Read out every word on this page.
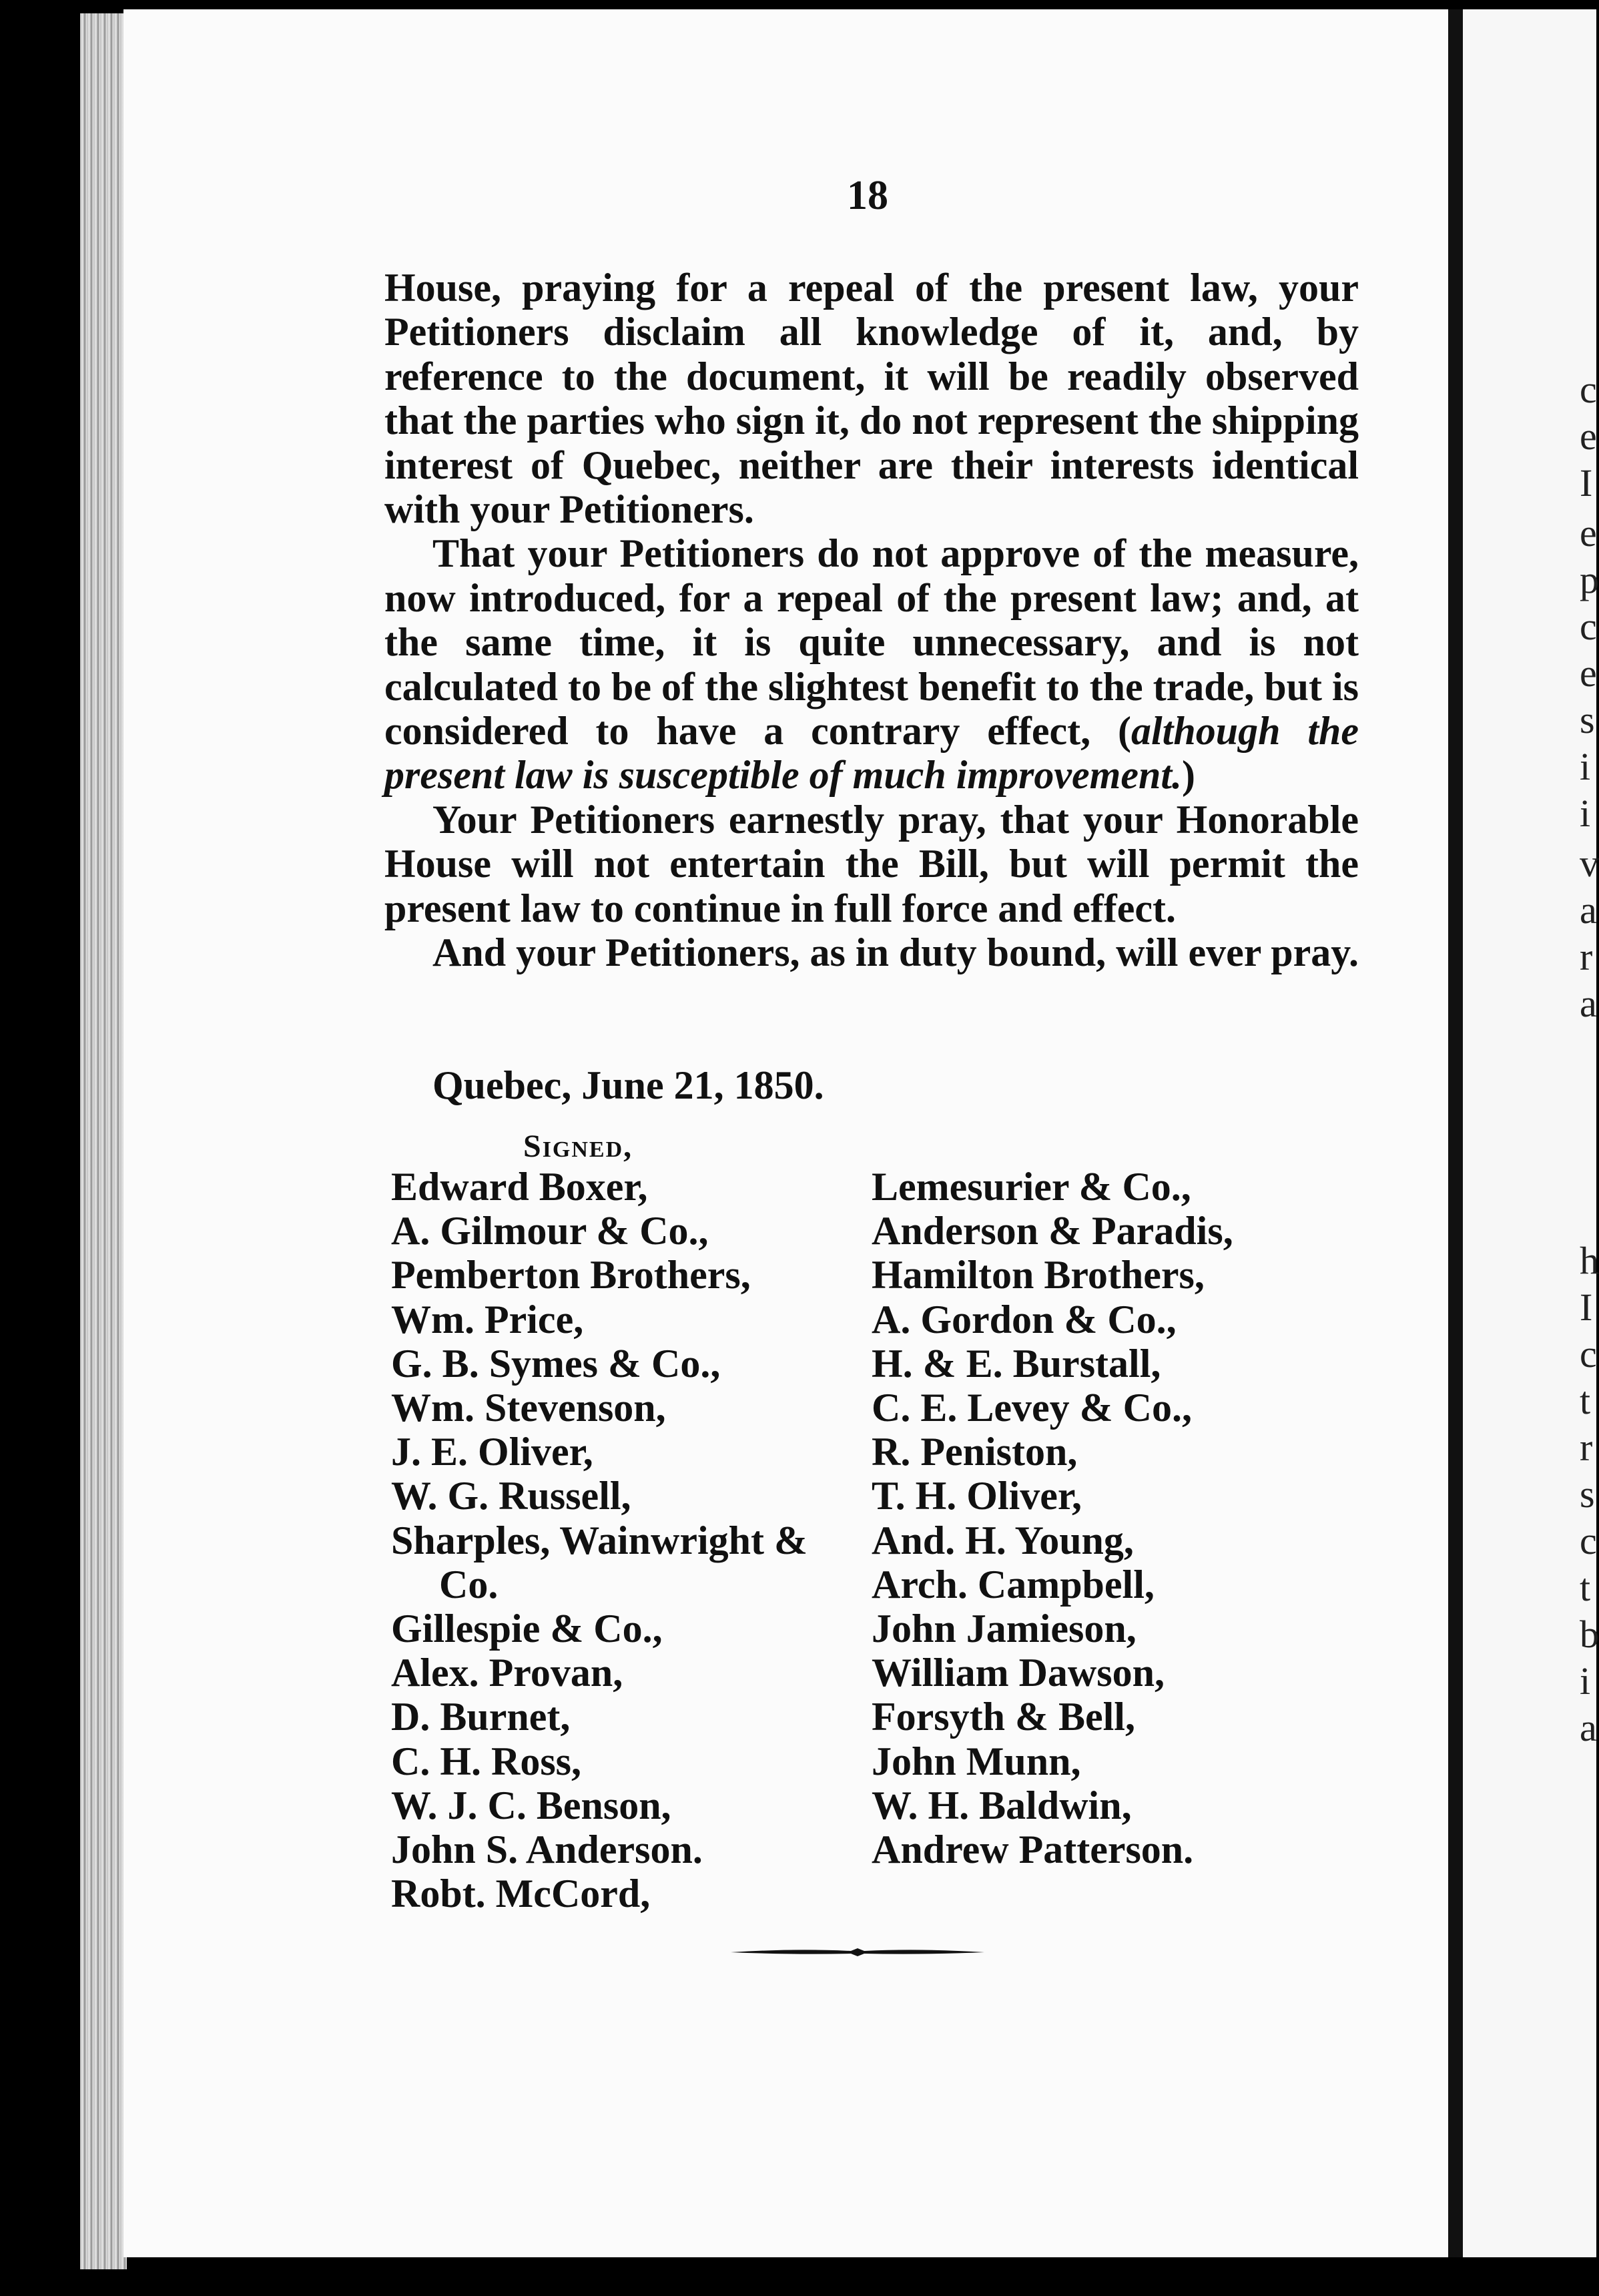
18

House, praying for a repeal of the present law, your Petitioners disclaim all knowledge of it, and, by reference to the document, it will be readily observed that the parties who sign it, do not represent the shipping interest of Quebec, neither are their interests identical with your Petitioners.

That your Petitioners do not approve of the measure, now introduced, for a repeal of the present law; and, at the same time, it is quite unnecessary, and is not calculated to be of the slightest benefit to the trade, but is considered to have a contrary effect, (although the present law is susceptible of much improvement.)

Your Petitioners earnestly pray, that your Honorable House will not entertain the Bill, but will permit the present law to continue in full force and effect.

And your Petitioners, as in duty bound, will ever pray.

Quebec, June 21, 1850.
Signed,
Edward Boxer,
A. Gilmour & Co.,
Pemberton Brothers,
Wm. Price,
G. B. Symes & Co.,
Wm. Stevenson,
J. E. Oliver,
W. G. Russell,
Sharples, Wainwright &
Co.
Gillespie & Co.,
Alex. Provan,
D. Burnet,
C. H. Ross,
W. J. C. Benson,
John S. Anderson.
Robt. McCord,
Lemesurier & Co.,
Anderson & Paradis,
Hamilton Brothers,
A. Gordon & Co.,
H. & E. Burstall,
C. E. Levey & Co.,
R. Peniston,
T. H. Oliver,
And. H. Young,
Arch. Campbell,
John Jamieson,
William Dawson,
Forsyth & Bell,
John Munn,
W. H. Baldwin,
Andrew Patterson.
c
e
I
e
p
c
e
s
i
i
v
a
r
a
h
I
c
t
r
s
c
t
b
i
a
